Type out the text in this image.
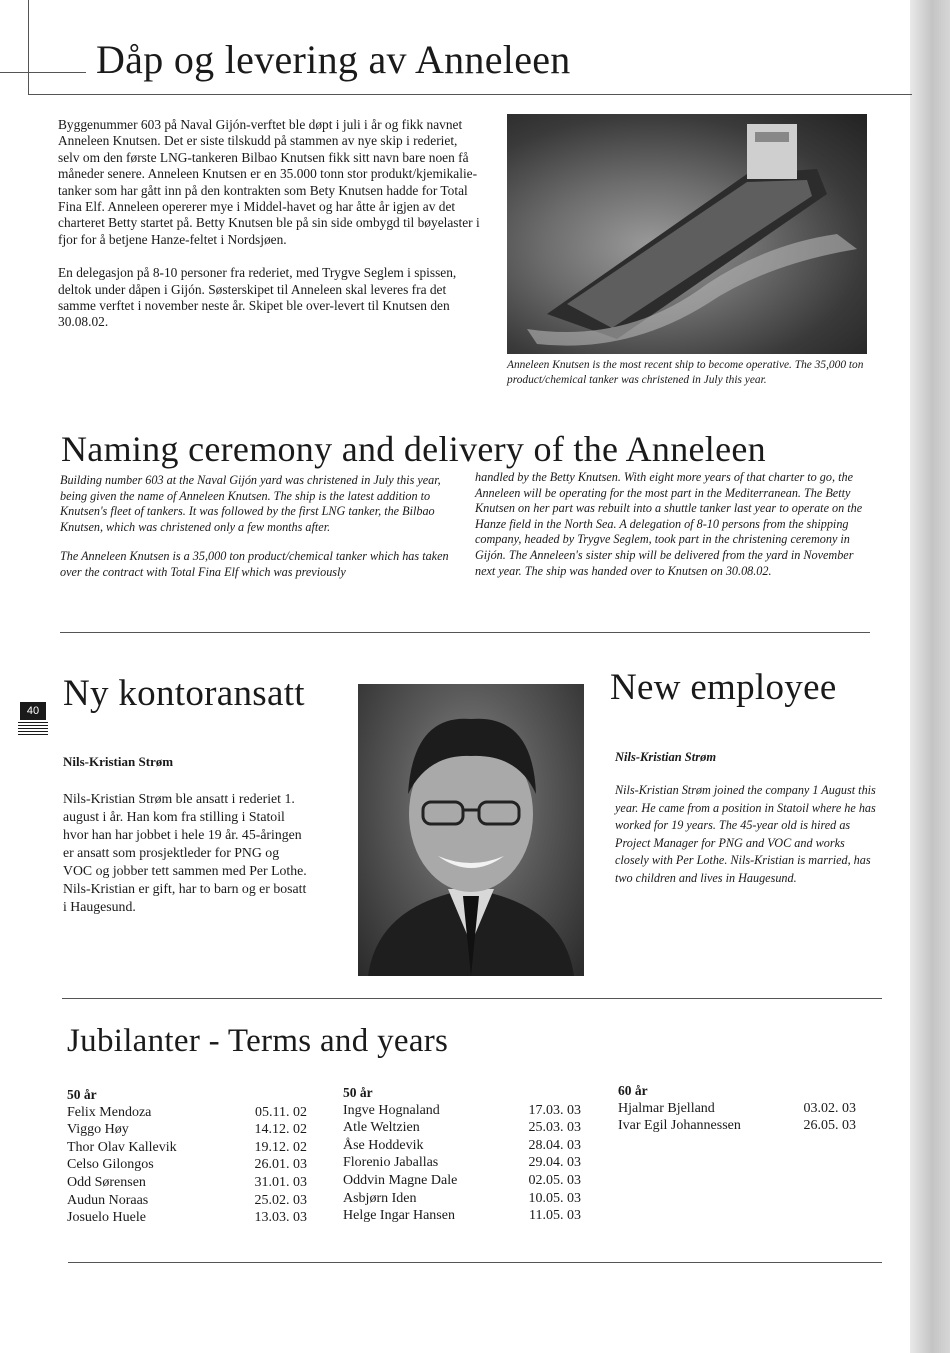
Dåp og levering av Anneleen

Byggenummer 603 på Naval Gijón-verftet ble døpt i juli i år og fikk navnet Anneleen Knutsen. Det er siste tilskudd på stammen av nye skip i rederiet, selv om den første LNG-tankeren Bilbao Knutsen fikk sitt navn bare noen få måneder senere. Anneleen Knutsen er en 35.000 tonn stor produkt/kjemikalie-tanker som har gått inn på den kontrakten som Bety Knutsen hadde for Total Fina Elf. Anneleen opererer mye i Middel-havet og har åtte år igjen av det charteret Betty startet på. Betty Knutsen ble på sin side ombygd til bøyelaster i fjor for å betjene Hanze-feltet i Nordsjøen.

En delegasjon på 8-10 personer fra rederiet, med Trygve Seglem i spissen, deltok under dåpen i Gijón. Søsterskipet til Anneleen skal leveres fra det samme verftet i november neste år. Skipet ble over-levert til Knutsen den 30.08.02.

Anneleen Knutsen is the most recent ship to become operative. The 35,000 ton product/chemical tanker was christened in July this year.
Naming ceremony and delivery of the Anneleen

Building number 603 at the Naval Gijón yard was christened in July this year, being given the name of Anneleen Knutsen. The ship is the latest addition to Knutsen's fleet of tankers. It was followed by the first LNG tanker, the Bilbao Knutsen, which was christened only a few months after.

The Anneleen Knutsen is a 35,000 ton product/chemical tanker which has taken over the contract with Total Fina Elf which was previously

handled by the Betty Knutsen. With eight more years of that charter to go, the Anneleen will be operating for the most part in the Mediterranean. The Betty Knutsen on her part was rebuilt into a shuttle tanker last year to operate on the Hanze field in the North Sea. A delegation of 8-10 persons from the shipping company, headed by Trygve Seglem, took part in the christening ceremony in Gijón. The Anneleen's sister ship will be delivered from the yard in November next year. The ship was handed over to Knutsen on 30.08.02.

40 Ny kontoransatt
Nils-Kristian Strøm
Nils-Kristian Strøm ble ansatt i rederiet 1. august i år. Han kom fra stilling i Statoil hvor han har jobbet i hele 19 år. 45-åringen er ansatt som prosjektleder for PNG og VOC og jobber tett sammen med Per Lothe. Nils-Kristian er gift, har to barn og er bosatt i Haugesund.
New employee
Nils-Kristian Strøm
Nils-Kristian Strøm joined the company 1 August this year. He came from a position in Statoil where he has worked for 19 years. The 45-year old is hired as Project Manager for PNG and VOC and works closely with Per Lothe. Nils-Kristian is married, has two children and lives in Haugesund.
Jubilanter - Terms and years
50 år
Felix Mendoza	05.11. 02
Viggo Høy	14.12. 02
Thor Olav Kallevik	19.12. 02
Celso Gilongos	26.01. 03
Odd Sørensen	31.01. 03
Audun Noraas	25.02. 03
Josuelo Huele	13.03. 03
50 år
Ingve Hognaland	17.03. 03
Atle Weltzien	25.03. 03
Åse Hoddevik	28.04. 03
Florenio Jaballas	29.04. 03
Oddvin Magne Dale	02.05. 03
Asbjørn Iden	10.05. 03
Helge Ingar Hansen	11.05. 03
60 år
Hjalmar Bjelland	03.02. 03
Ivar Egil Johannessen	26.05. 03
